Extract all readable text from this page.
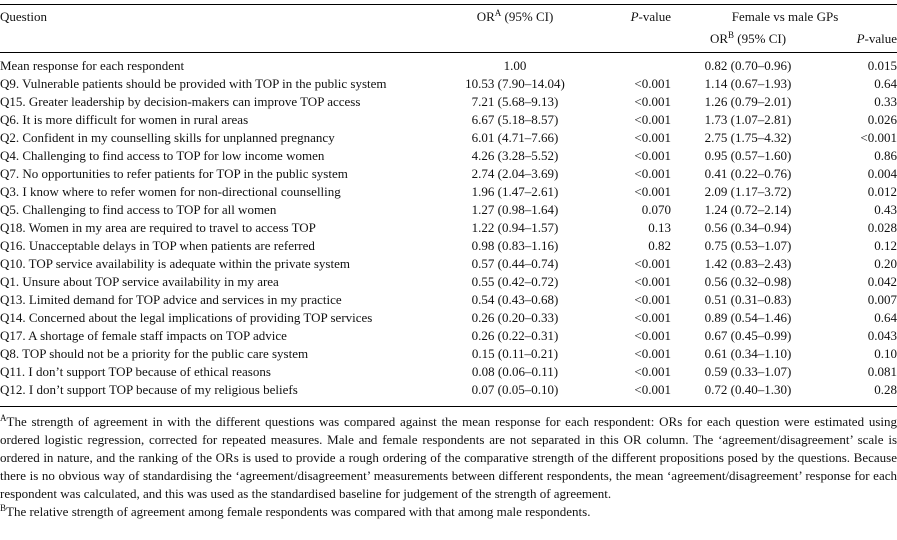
Question	$OR^A$ (95% CI)	P-value	Female vs male GPs	
			$OR^B$ (95% CI)	P-value

Mean response for each respondent	1.00		0.82 (0.70–0.96)	0.015
Q9. Vulnerable patients should be provided with TOP in the public system	10.53 (7.90–14.04)	<0.001	1.14 (0.67–1.93)	0.64
Q15. Greater leadership by decision-makers can improve TOP access	7.21 (5.68–9.13)	<0.001	1.26 (0.79–2.01)	0.33
Q6. It is more difficult for women in rural areas	6.67 (5.18–8.57)	<0.001	1.73 (1.07–2.81)	0.026
Q2. Confident in my counselling skills for unplanned pregnancy	6.01 (4.71–7.66)	<0.001	2.75 (1.75–4.32)	<0.001
Q4. Challenging to find access to TOP for low income women	4.26 (3.28–5.52)	<0.001	0.95 (0.57–1.60)	0.86
Q7. No opportunities to refer patients for TOP in the public system	2.74 (2.04–3.69)	<0.001	0.41 (0.22–0.76)	0.004
Q3. I know where to refer women for non-directional counselling	1.96 (1.47–2.61)	<0.001	2.09 (1.17–3.72)	0.012
Q5. Challenging to find access to TOP for all women	1.27 (0.98–1.64)	0.070	1.24 (0.72–2.14)	0.43
Q18. Women in my area are required to travel to access TOP	1.22 (0.94–1.57)	0.13	0.56 (0.34–0.94)	0.028
Q16. Unacceptable delays in TOP when patients are referred	0.98 (0.83–1.16)	0.82	0.75 (0.53–1.07)	0.12
Q10. TOP service availability is adequate within the private system	0.57 (0.44–0.74)	<0.001	1.42 (0.83–2.43)	0.20
Q1. Unsure about TOP service availability in my area	0.55 (0.42–0.72)	<0.001	0.56 (0.32–0.98)	0.042
Q13. Limited demand for TOP advice and services in my practice	0.54 (0.43–0.68)	<0.001	0.51 (0.31–0.83)	0.007
Q14. Concerned about the legal implications of providing TOP services	0.26 (0.20–0.33)	<0.001	0.89 (0.54–1.46)	0.64
Q17. A shortage of female staff impacts on TOP advice	0.26 (0.22–0.31)	<0.001	0.67 (0.45–0.99)	0.043
Q8. TOP should not be a priority for the public care system	0.15 (0.11–0.21)	<0.001	0.61 (0.34–1.10)	0.10
Q11. I don’t support TOP because of ethical reasons	0.08 (0.06–0.11)	<0.001	0.59 (0.33–1.07)	0.081
Q12. I don’t support TOP because of my religious beliefs	0.07 (0.05–0.10)	<0.001	0.72 (0.40–1.30)	0.28

$^A$The strength of agreement in with the different questions was compared against the mean response for each respondent: ORs for each question were estimated using ordered logistic regression, corrected for repeated measures. Male and female respondents are not separated in this OR column. The ‘agreement/disagreement’ scale is ordered in nature, and the ranking of the ORs is used to provide a rough ordering of the comparative strength of the different propositions posed by the questions. Because there is no obvious way of standardising the ‘agreement/disagreement’ measurements between different respondents, the mean ‘agreement/disagreement’ response for each respondent was calculated, and this was used as the standardised baseline for judgement of the strength of agreement.

$^B$The relative strength of agreement among female respondents was compared with that among male respondents.
